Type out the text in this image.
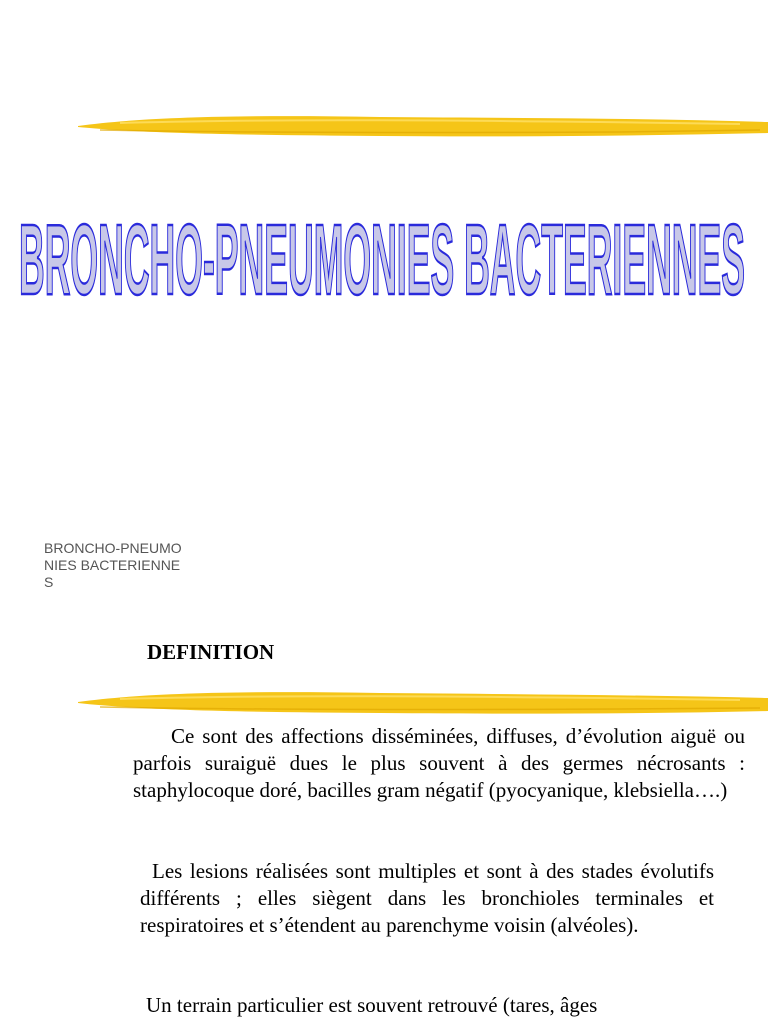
BRONCHO-PNEUMONIES BACTERIENNES
BRONCHO-PNEUMONIES BACTERIENNES
DEFINITION

Ce sont des affections disséminées, diffuses, d’évolution aiguë ou parfois suraiguë dues le plus souvent à des germes nécrosants : staphylocoque doré, bacilles gram négatif (pyocyanique, klebsiella….)

Les lesions réalisées sont multiples et sont à des stades évolutifs différents ; elles siègent dans les bronchioles terminales et respiratoires et s’étendent au parenchyme voisin (alvéoles).

Un terrain particulier est souvent retrouvé (tares, âges
